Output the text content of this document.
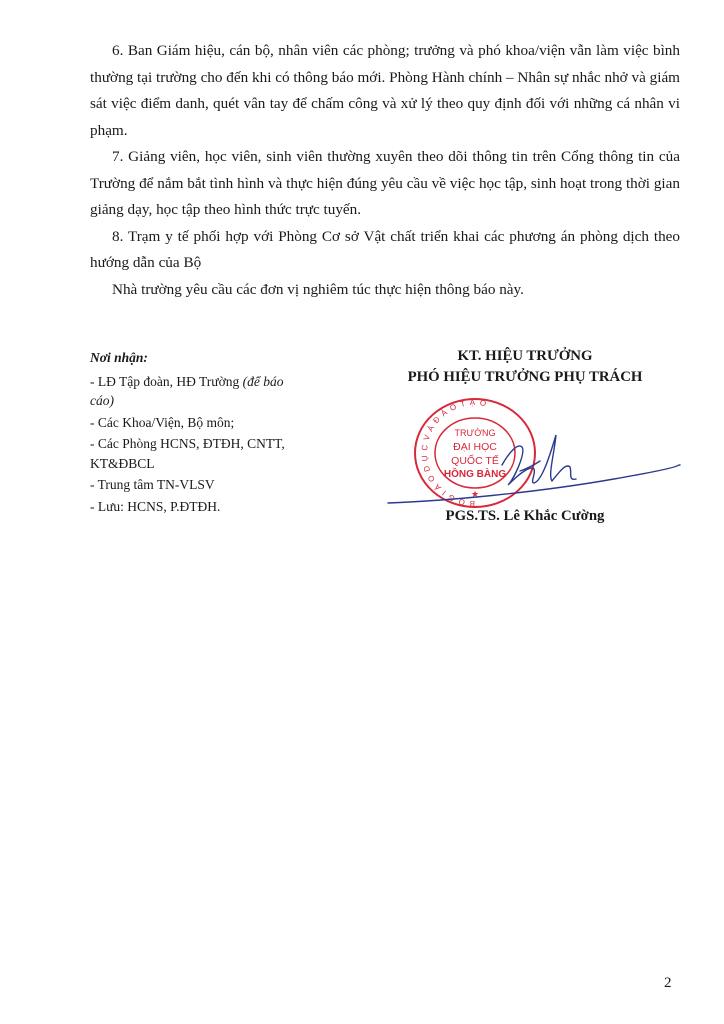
6. Ban Giám hiệu, cán bộ, nhân viên các phòng; trưởng và phó khoa/viện vẫn làm việc bình thường tại trường cho đến khi có thông báo mới. Phòng Hành chính – Nhân sự nhắc nhở và giám sát việc điểm danh, quét vân tay để chấm công và xử lý theo quy định đối với những cá nhân vi phạm.

7. Giảng viên, học viên, sinh viên thường xuyên theo dõi thông tin trên Cổng thông tin của Trường để nắm bắt tình hình và thực hiện đúng yêu cầu về việc học tập, sinh hoạt trong thời gian giảng dạy, học tập theo hình thức trực tuyến.

8. Trạm y tế phối hợp với Phòng Cơ sở Vật chất triển khai các phương án phòng dịch theo hướng dẫn của Bộ

Nhà trường yêu cầu các đơn vị nghiêm túc thực hiện thông báo này.

Nơi nhận:
- LĐ Tập đoàn, HĐ Trường (để báo cáo)
- Các Khoa/Viện, Bộ môn;
- Các Phòng HCNS, ĐTĐH, CNTT, KT&ĐBCL
- Trung tâm TN-VLSV
- Lưu: HCNS, P.ĐTĐH.
KT. HIỆU TRƯỞNG
PHÓ HIỆU TRƯỞNG PHỤ TRÁCH
B Ộ G I Á O D Ụ C V À Đ À O T Ạ O
TRƯỜNG
ĐẠI HỌC
QUỐC TẾ
HỒNG BÀNG
★
PGS.TS. Lê Khắc Cường
2
